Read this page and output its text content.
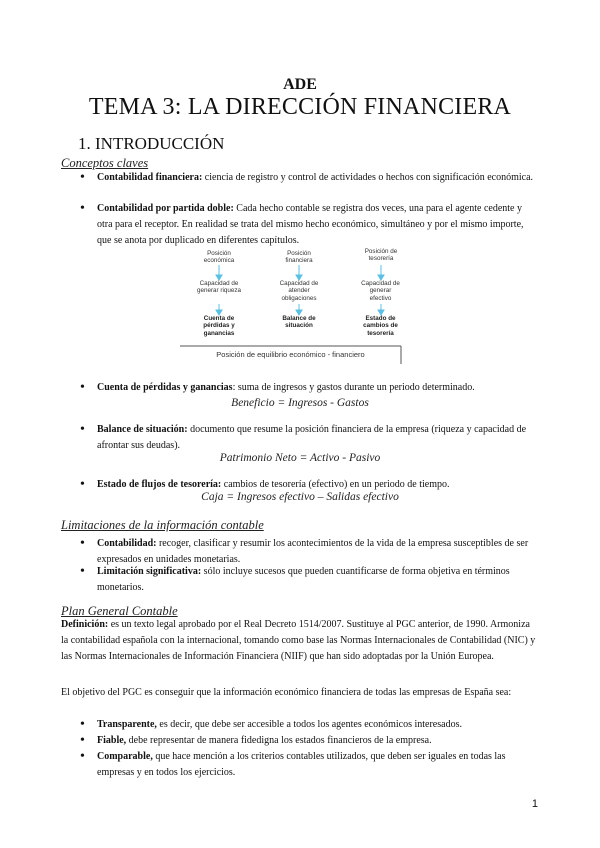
ADE
TEMA 3: LA DIRECCIÓN FINANCIERA
1. INTRODUCCIÓN
Conceptos claves
• Contabilidad financiera: ciencia de registro y control de actividades o hechos con significación económica.
• Contabilidad por partida doble: Cada hecho contable se registra dos veces, una para el agente cedente y otra para el receptor. En realidad se trata del mismo hecho económico, simultáneo y por el mismo importe, que se anota por duplicado en diferentes capítulos.
Posición económica
Capacidad de generar riqueza
Cuenta de pérdidas y ganancias
Posición financiera
Capacidad de atender obligaciones
Balance de situación
Posición de tesorería
Capacidad de generar efectivo
Estado de cambios de tesorería
Posición de equilibrio económico - financiero
• Cuenta de pérdidas y ganancias: suma de ingresos y gastos durante un periodo determinado.
Beneficio = Ingresos - Gastos
• Balance de situación: documento que resume la posición financiera de la empresa (riqueza y capacidad de afrontar sus deudas).
Patrimonio Neto = Activo - Pasivo
• Estado de flujos de tesorería: cambios de tesorería (efectivo) en un periodo de tiempo.
Caja = Ingresos efectivo – Salidas efectivo
Limitaciones de la información contable
• Contabilidad: recoger, clasificar y resumir los acontecimientos de la vida de la empresa susceptibles de ser expresados en unidades monetarias.
• Limitación significativa: sólo incluye sucesos que pueden cuantificarse de forma objetiva en términos monetarios.
Plan General Contable
Definición: es un texto legal aprobado por el Real Decreto 1514/2007. Sustituye al PGC anterior, de 1990. Armoniza la contabilidad española con la internacional, tomando como base las Normas Internacionales de Contabilidad (NIC) y las Normas Internacionales de Información Financiera (NIIF) que han sido adoptadas por la Unión Europea.
El objetivo del PGC es conseguir que la información económico financiera de todas las empresas de España sea:
• Transparente, es decir, que debe ser accesible a todos los agentes económicos interesados.
• Fiable, debe representar de manera fidedigna los estados financieros de la empresa.
• Comparable, que hace mención a los criterios contables utilizados, que deben ser iguales en todas las empresas y en todos los ejercicios.
1
